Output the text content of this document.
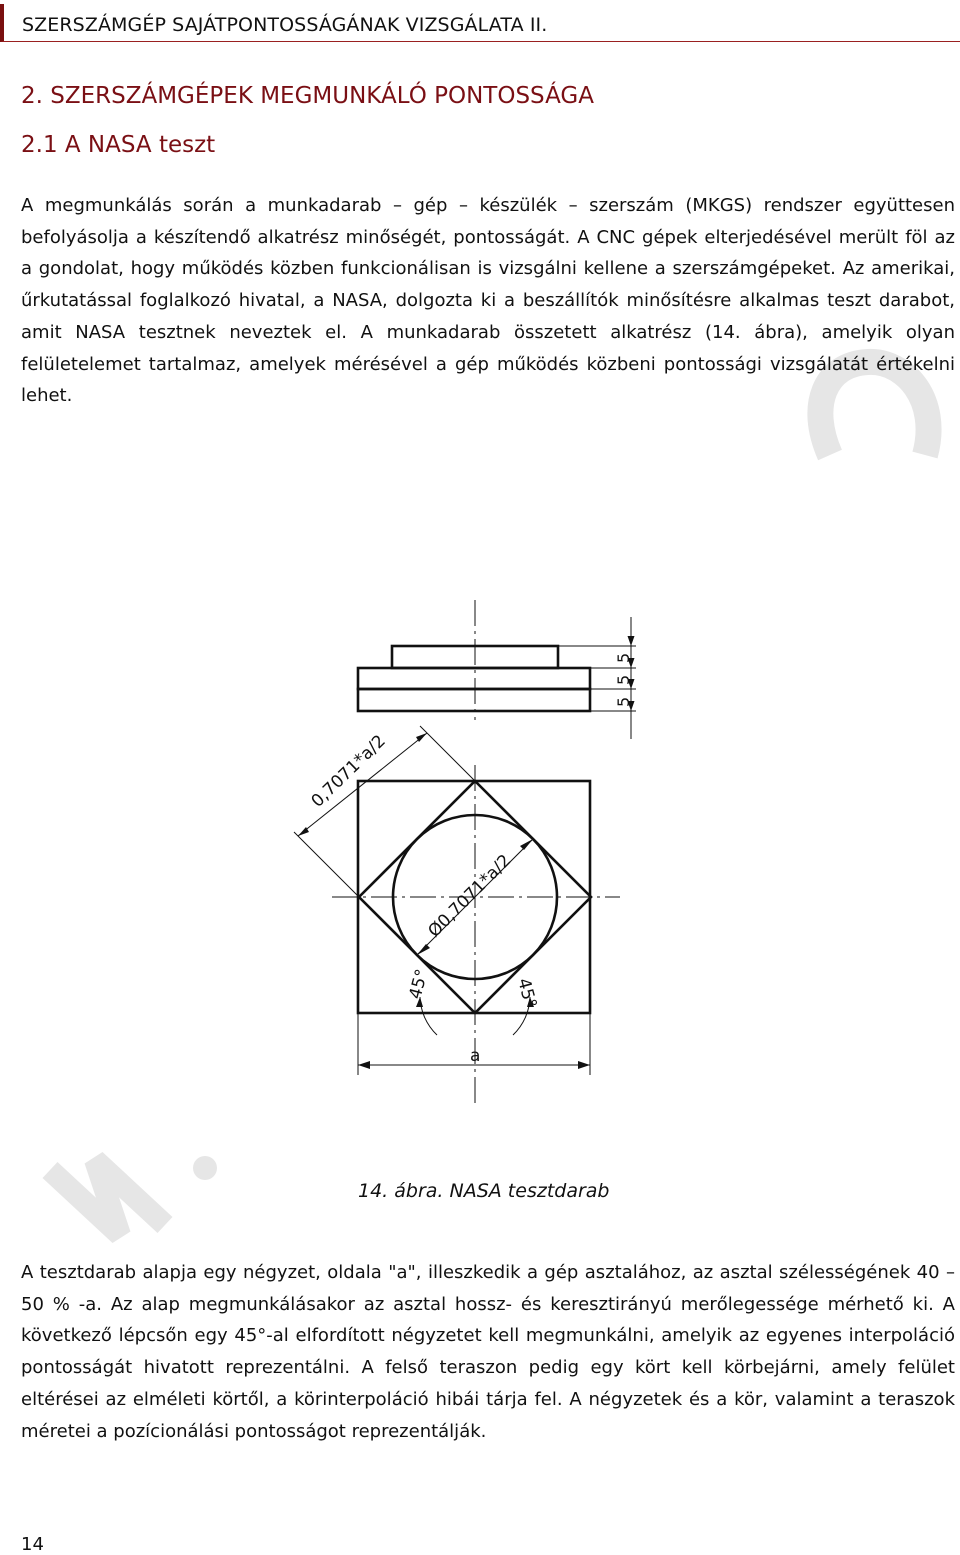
SZERSZÁMGÉP SAJÁTPONTOSSÁGÁNAK VIZSGÁLATA II.
2. SZERSZÁMGÉPEK MEGMUNKÁLÓ PONTOSSÁGA
2.1 A NASA teszt

A megmunkálás során a munkadarab – gép – készülék – szerszám (MKGS) rendszer együttesen befolyásolja a készítendő alkatrész minőségét, pontosságát. A CNC gépek elterjedésével merült föl az a gondolat, hogy működés közben funkcionálisan is vizsgálni kellene a szerszámgépeket. Az amerikai, űrkutatással foglalkozó hivatal, a NASA, dolgozta ki a beszállítók minősítésre alkalmas teszt darabot, amit NASA tesztnek neveztek el. A munkadarab összetett alkatrész (14. ábra), amelyik olyan felületelemet tartalmaz, amelyek mérésével a gép működés közbeni pontossági vizsgálatát értékelni lehet.

5
5
5
0,7071*a/2
Ø0,7071*a/2
45°	45°
a
14. ábra. NASA tesztdarab

A tesztdarab alapja egy négyzet, oldala "a", illeszkedik a gép asztalához, az asztal szélességének 40 – 50 % -a. Az alap megmunkálásakor az asztal hossz- és keresztirányú merőlegessége mérhető ki. A következő lépcsőn egy 45°-al elfordított négyzetet kell megmunkálni, amelyik az egyenes interpoláció pontosságát hivatott reprezentálni. A felső teraszon pedig egy kört kell körbejárni, amely felület eltérései az elméleti körtől, a körinterpoláció hibái tárja fel. A négyzetek és a kör, valamint a teraszok méretei a pozícionálási pontosságot reprezentálják.

14
